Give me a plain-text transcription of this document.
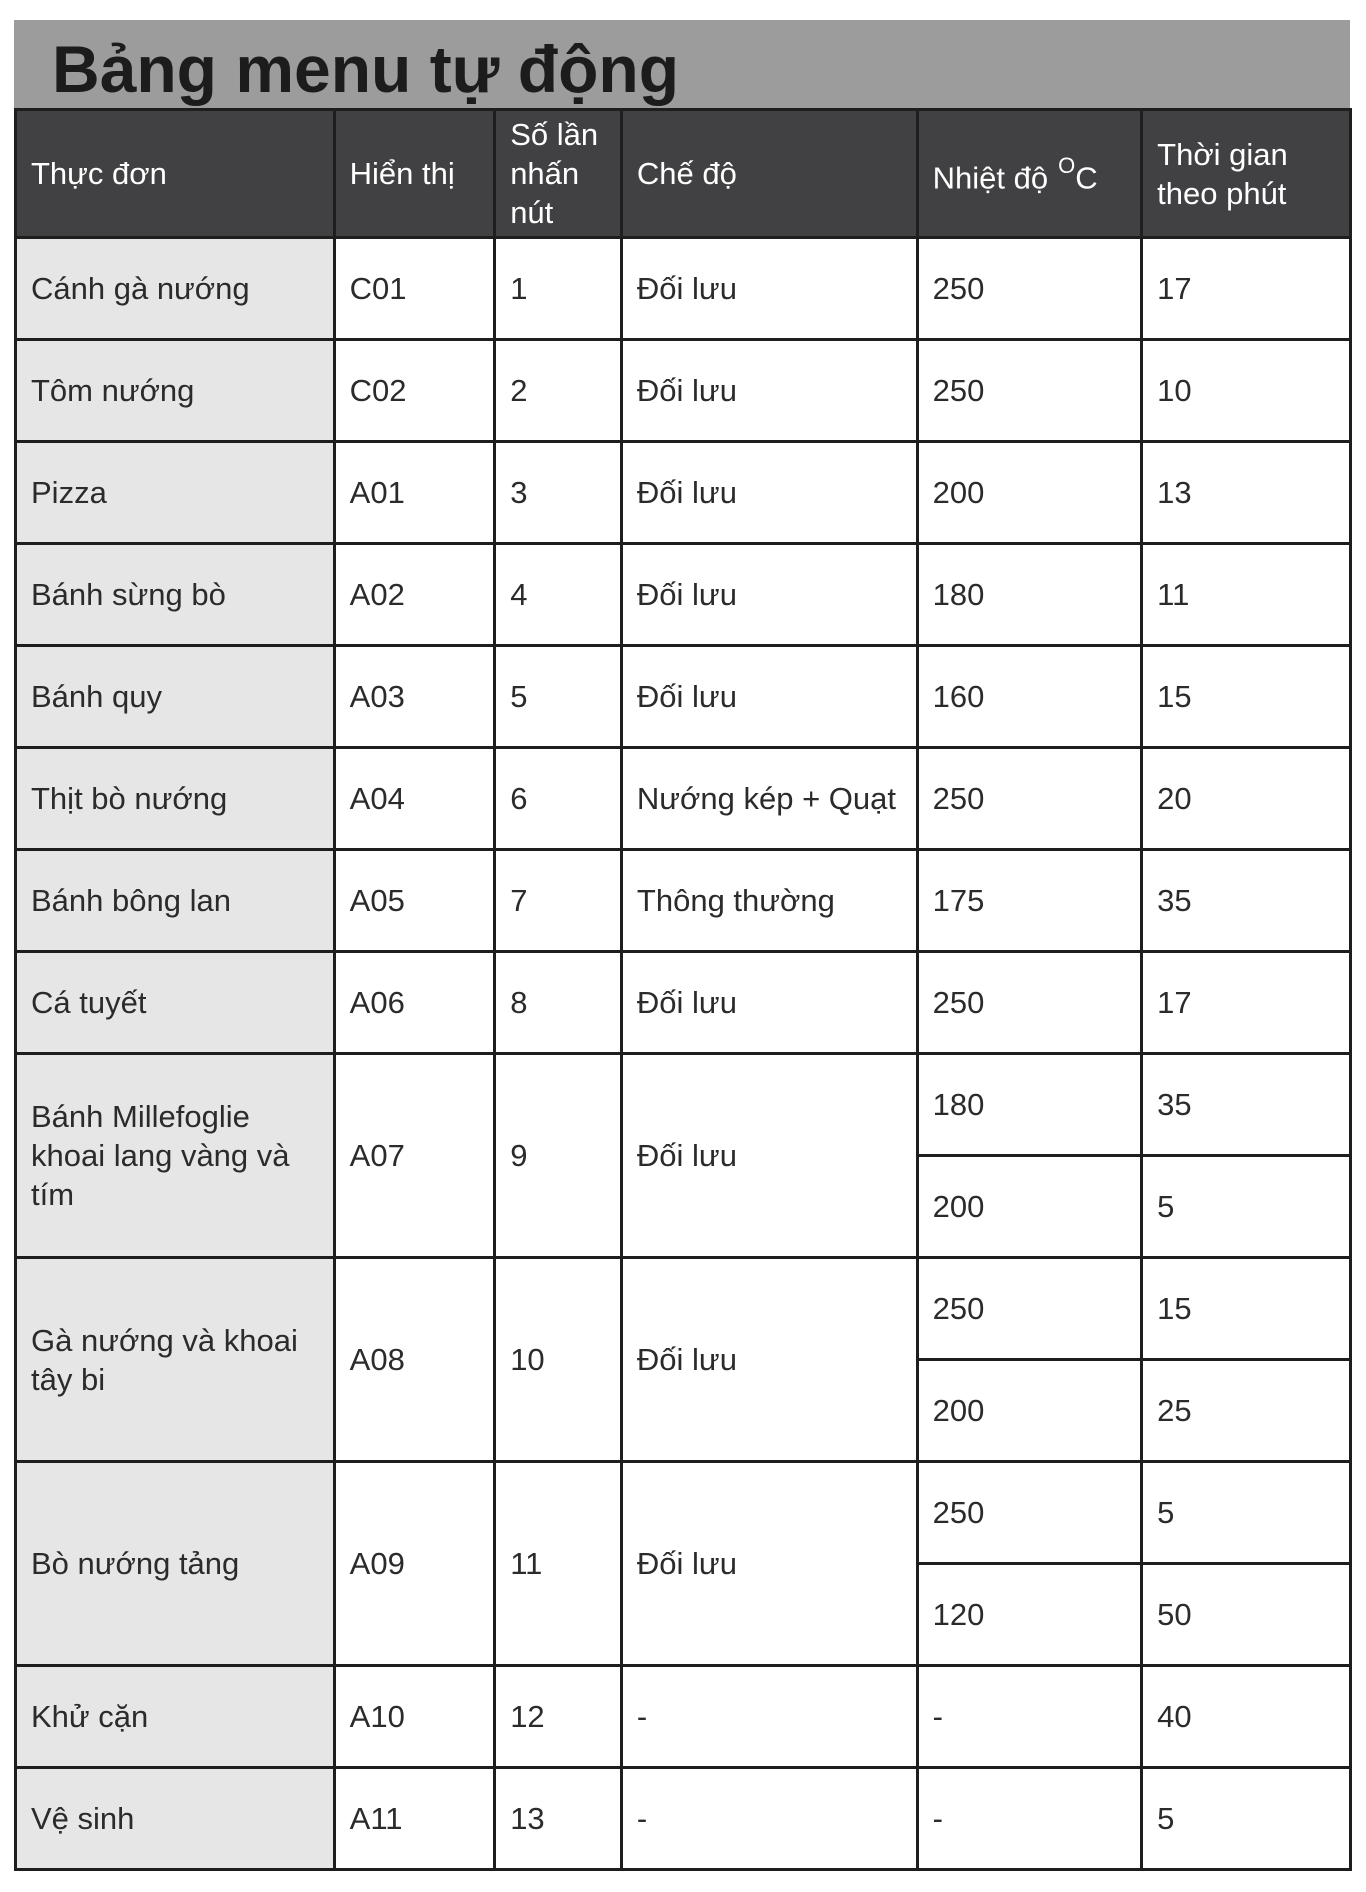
Bảng menu tự động
Thực đơn	Hiển thị	Số lần nhấn nút	Chế độ	Nhiệt độ $^O$C	Thời gian theo phút

Cánh gà nướng	C01	1	Đối lưu	250	17

Tôm nướng	C02	2	Đối lưu	250	10

Pizza	A01	3	Đối lưu	200	13

Bánh sừng bò	A02	4	Đối lưu	180	11

Bánh quy	A03	5	Đối lưu	160	15

Thịt bò nướng	A04	6	Nướng kép + Quạt	250	20

Bánh bông lan	A05	7	Thông thường	175	35

Cá tuyết	A06	8	Đối lưu	250	17

Bánh Millefoglie khoai lang vàng và tím	A07	9	Đối lưu	180	35
				200	5

Gà nướng và khoai tây bi	A08	10	Đối lưu	250	15
				200	25

Bò nướng tảng	A09	11	Đối lưu	250	5
				120	50

Khử cặn	A10	12	-	-	40

Vệ sinh	A11	13	-	-	5
